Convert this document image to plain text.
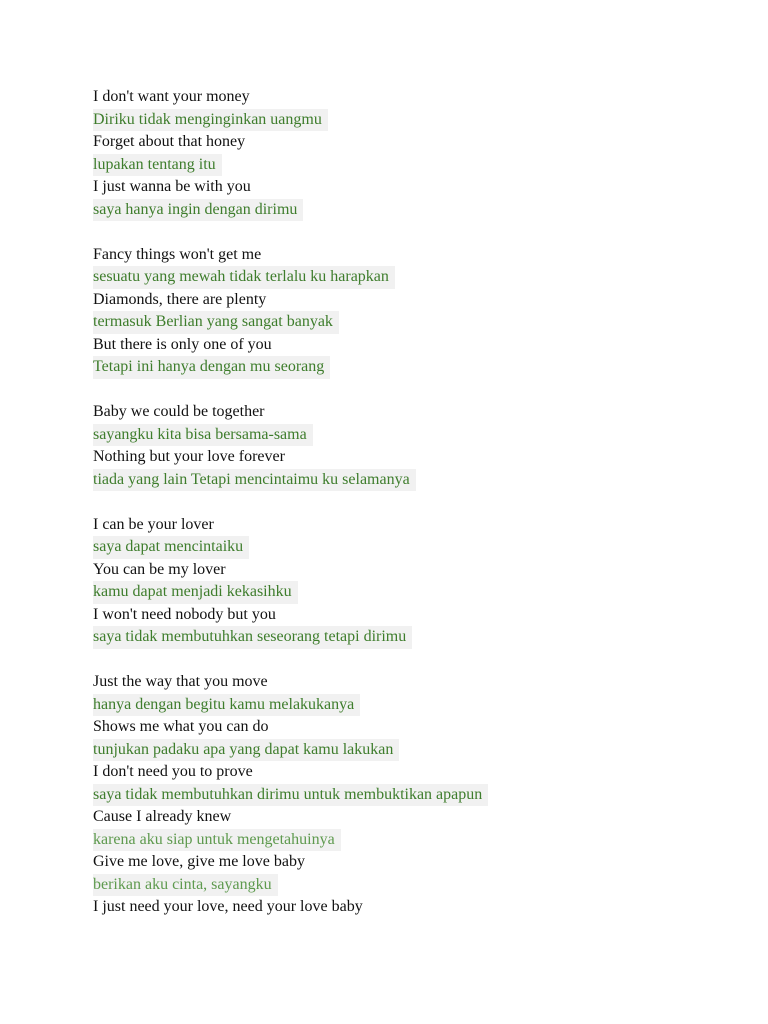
I don't want your money
Diriku tidak menginginkan uangmu
Forget about that honey
lupakan tentang itu
I just wanna be with you
saya hanya ingin dengan dirimu
Fancy things won't get me
sesuatu yang mewah tidak terlalu ku harapkan
Diamonds, there are plenty
termasuk Berlian yang sangat banyak
But there is only one of you
Tetapi ini hanya dengan mu seorang
Baby we could be together
sayangku kita bisa bersama-sama
Nothing but your love forever
tiada yang lain Tetapi mencintaimu ku selamanya
I can be your lover
saya dapat mencintaiku
You can be my lover
kamu dapat menjadi kekasihku
I won't need nobody but you
saya tidak membutuhkan seseorang tetapi dirimu
Just the way that you move
hanya dengan begitu kamu melakukanya
Shows me what you can do
tunjukan padaku apa yang dapat kamu lakukan
I don't need you to prove
saya tidak membutuhkan dirimu untuk membuktikan apapun
Cause I already knew
karena aku siap untuk mengetahuinya
Give me love, give me love baby
berikan aku cinta, sayangku
I just need your love, need your love baby
